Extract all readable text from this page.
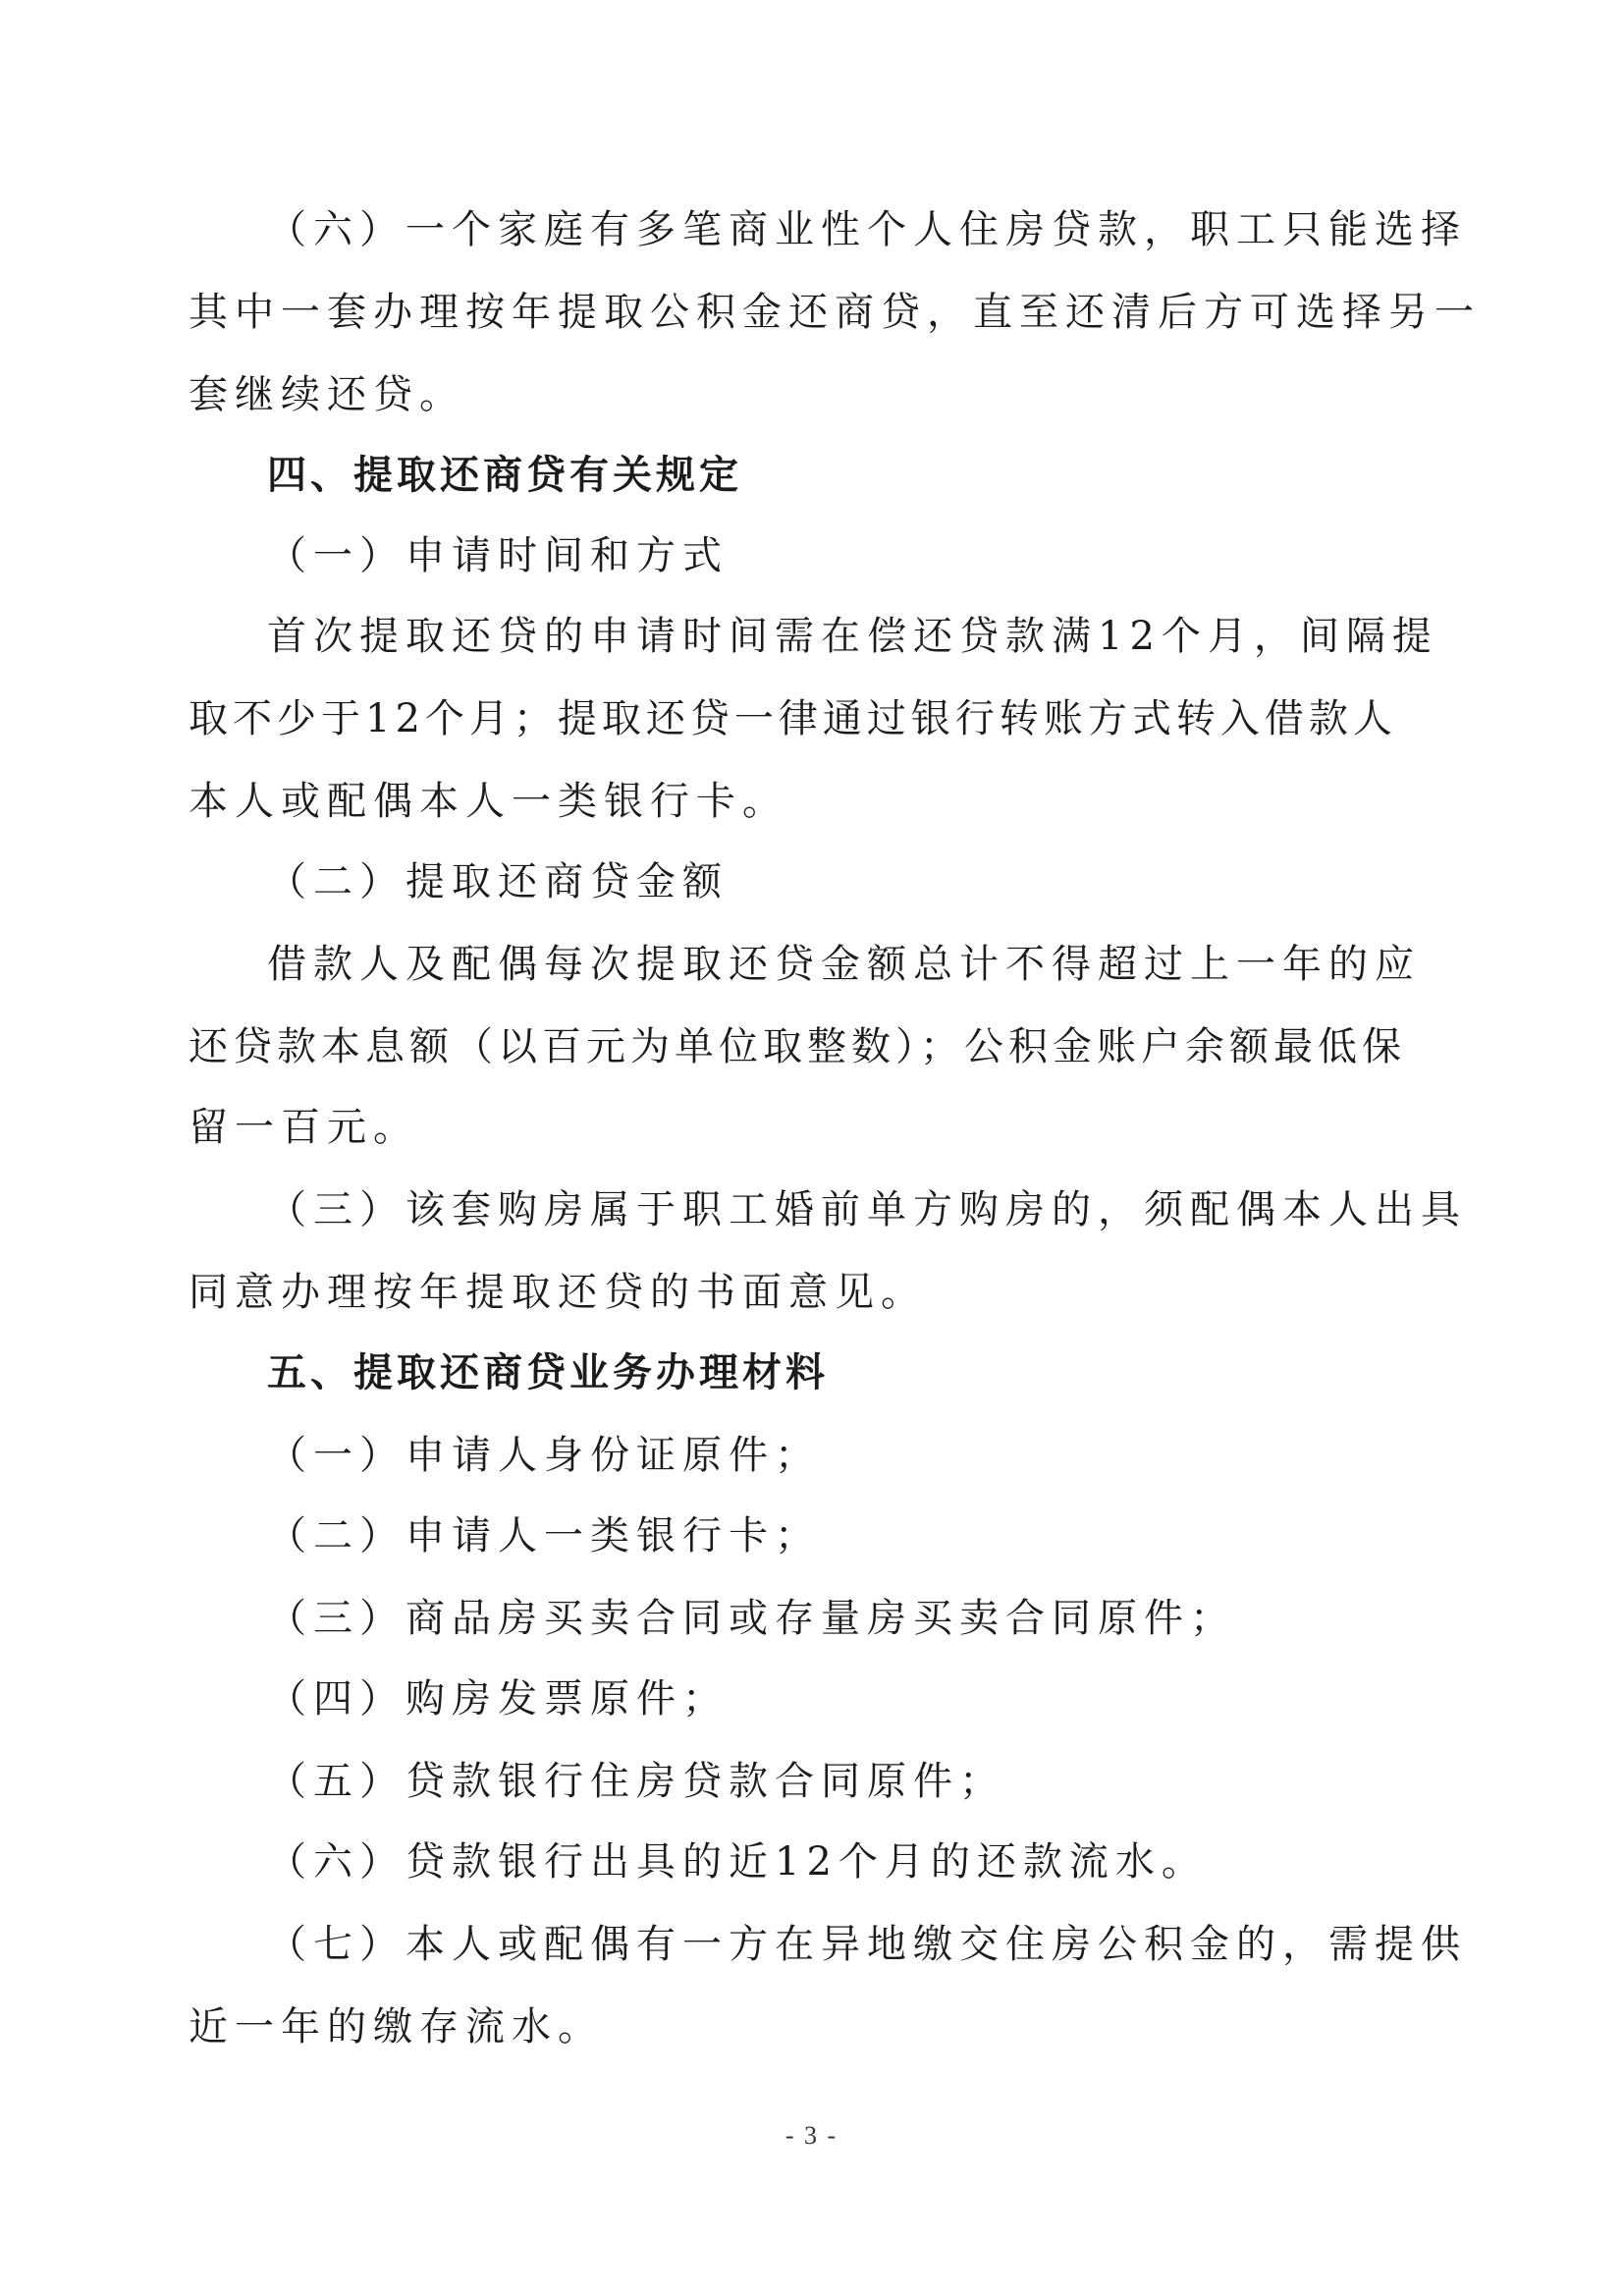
（六）一个家庭有多笔商业性个人住房贷款，职工只能选择
其中一套办理按年提取公积金还商贷，直至还清后方可选择另一
套继续还贷。
四、提取还商贷有关规定
（一）申请时间和方式
首次提取还贷的申请时间需在偿还贷款满12个月，间隔提
取不少于12个月；提取还贷一律通过银行转账方式转入借款人
本人或配偶本人一类银行卡。
（二）提取还商贷金额
借款人及配偶每次提取还贷金额总计不得超过上一年的应
还贷款本息额（以百元为单位取整数）；公积金账户余额最低保
留一百元。
（三）该套购房属于职工婚前单方购房的，须配偶本人出具
同意办理按年提取还贷的书面意见。
五、提取还商贷业务办理材料
（一）申请人身份证原件；
（二）申请人一类银行卡；
（三）商品房买卖合同或存量房买卖合同原件；
（四）购房发票原件；
（五）贷款银行住房贷款合同原件；
（六）贷款银行出具的近12个月的还款流水。
（七）本人或配偶有一方在异地缴交住房公积金的，需提供
近一年的缴存流水。
- 3 -
